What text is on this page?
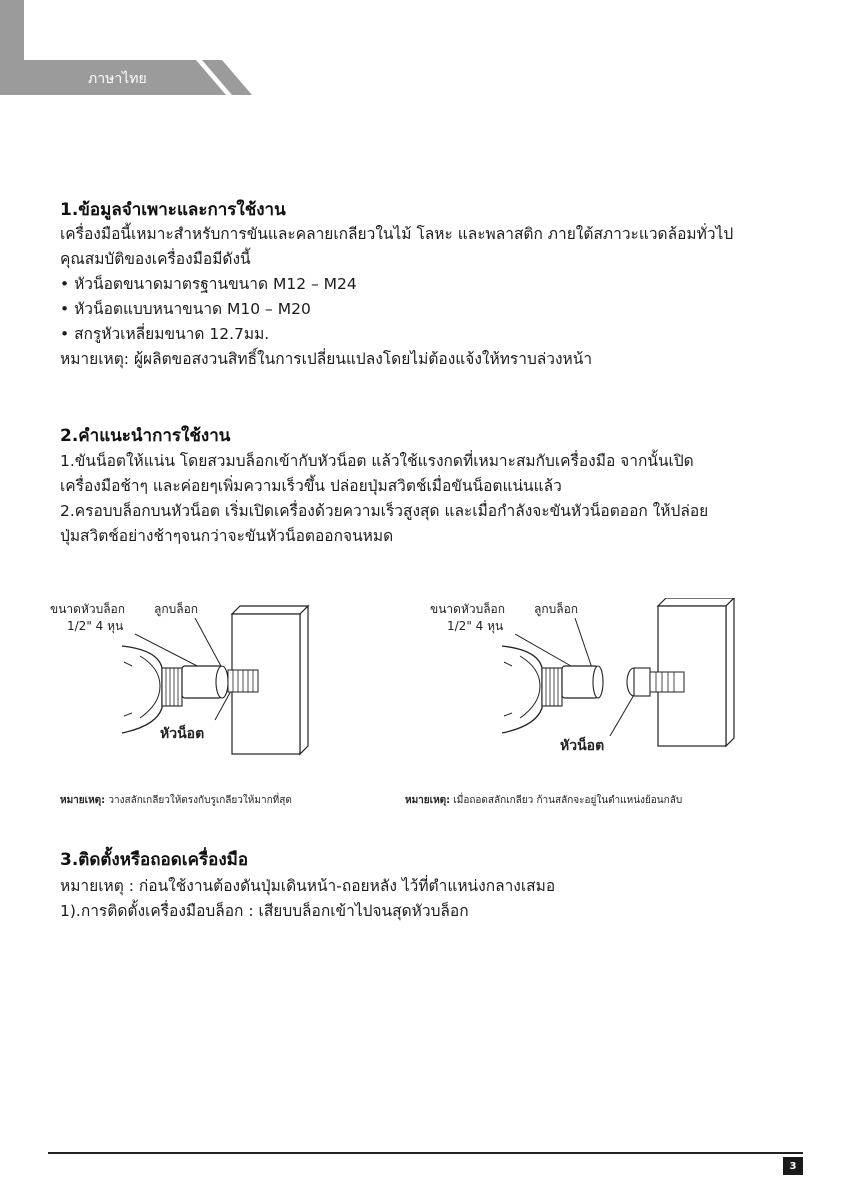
ภาษาไทย
1.ข้อมูลจำเพาะและการใช้งาน
เครื่องมือนี้เหมาะสำหรับการขันและคลายเกลียวในไม้ โลหะ และพลาสติก ภายใต้สภาวะแวดล้อมทั่วไป
คุณสมบัติของเครื่องมือมีดังนี้
• หัวน็อตขนาดมาตรฐานขนาด M12 – M24
• หัวน็อตแบบหนาขนาด M10 – M20
• สกรูหัวเหลี่ยมขนาด 12.7มม.
หมายเหตุ: ผู้ผลิตขอสงวนสิทธิ์ในการเปลี่ยนแปลงโดยไม่ต้องแจ้งให้ทราบล่วงหน้า
2.คำแนะนำการใช้งาน
1.ขันน็อตให้แน่น โดยสวมบล็อกเข้ากับหัวน็อต แล้วใช้แรงกดที่เหมาะสมกับเครื่องมือ จากนั้นเปิด
เครื่องมือช้าๆ และค่อยๆเพิ่มความเร็วขึ้น ปล่อยปุ่มสวิตช์เมื่อขันน็อตแน่นแล้ว
2.ครอบบล็อกบนหัวน็อต เริ่มเปิดเครื่องด้วยความเร็วสูงสุด และเมื่อกำลังจะขันหัวน็อตออก ให้ปล่อย
ปุ่มสวิตช์อย่างช้าๆจนกว่าจะขันหัวน็อตออกจนหมด
ขนาดหัวบล็อก ลูกบล็อก
1/2" 4 หุน
หัวน็อต
ขนาดหัวบล็อก ลูกบล็อก
1/2" 4 หุน
หัวน็อต
หมายเหตุ: วางสลักเกลียวให้ตรงกับรูเกลียวให้มากที่สุด	หมายเหตุ: เมื่อถอดสลักเกลียว ก้านสลักจะอยู่ในตำแหน่งย้อนกลับ
3.ติดตั้งหรือถอดเครื่องมือ
หมายเหตุ : ก่อนใช้งานต้องดันปุ่มเดินหน้า-ถอยหลัง ไว้ที่ตำแหน่งกลางเสมอ
1).การติดตั้งเครื่องมือบล็อก : เสียบบล็อกเข้าไปจนสุดหัวบล็อก
3
